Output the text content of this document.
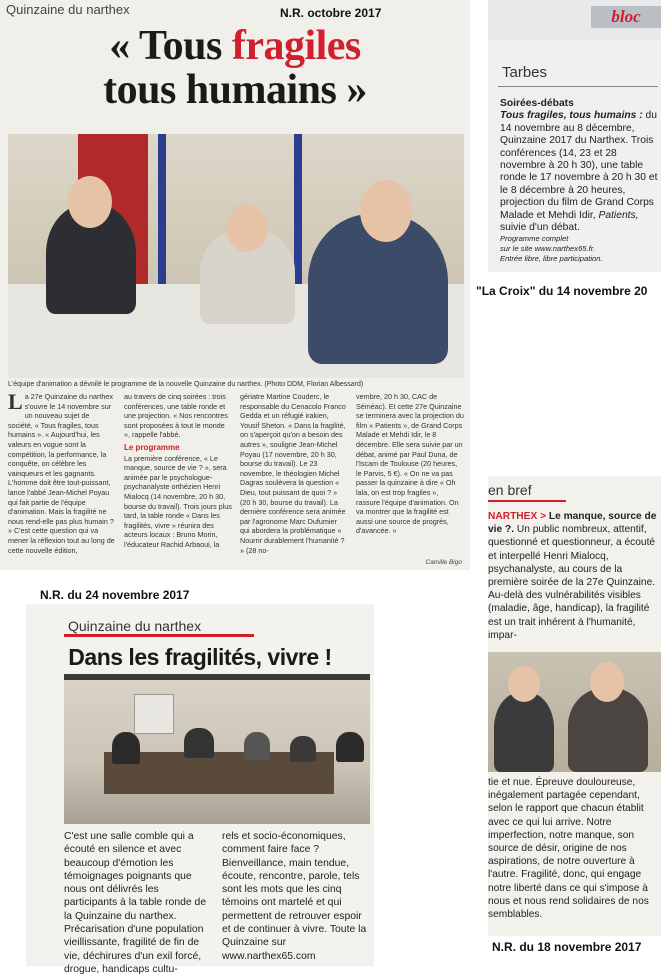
Quinzaine du narthex	N.R. octobre 2017
« Tous fragiles
tous humains »
L'équipe d'animation a dévoilé le programme de la nouvelle Quinzaine du narthex. (Photo DDM, Florian Albessard)
La 27e Quinzaine du narthex s'ouvre le 14 novembre sur un nouveau sujet de société, « Tous fragiles, tous humains ». « Aujourd'hui, les valeurs en vogue sont la compétition, la performance, la conquête, on célèbre les vainqueurs et les gagnants. L'homme doit être tout-puissant, lance l'abbé Jean-Michel Poyau qui fait partie de l'équipe d'animation. Mais la fragilité ne nous rend-elle pas plus humain ? » C'est cette question qui va mener la réflexion tout au long de cette nouvelle édition,
au travers de cinq soirées : trois conférences, une table ronde et une projection. « Nos rencontres sont proposées à tout le monde », rappelle l'abbé.
Le programme
La première conférence, « Le manque, source de vie ? », sera animée par le psychologue-psychanalyste orthézien Henri Mialocq (14 novembre, 20 h 30, bourse du travail). Trois jours plus tard, la table ronde « Dans les fragilités, vivre » réunira des acteurs locaux : Bruno Morin, l'éducateur Rachid Arbaoui, la
gériatre Martine Couderc, le responsable du Cenacolo Franco Gedda et un réfugié irakien, Yousif Sheton. « Dans la fragilité, on s'aperçoit qu'on a besoin des autres », souligne Jean-Michel Poyau (17 novembre, 20 h 30, bourse du travail). Le 23 novembre, le théologien Michel Dagras soulèvera la question « Dieu, tout puissant de quoi ? » (20 h 30, bourse du travail). La dernière conférence sera animée par l'agronome Marc Dufumier qui abordera la problématique « Nourrir durablement l'humanité ? » (28 no-
vembre, 20 h 30, CAC de Séméac). Et cette 27e Quinzaine se terminera avec la projection du film « Patients », de Grand Corps Malade et Mehdi Idir, le 8 décembre. Elle sera suivie par un débat, animé par Paul Duna, de l'Iscam de Toulouse (20 heures, le Parvis, 5 €). « On ne va pas passer la quinzaine à dire « Oh lala, on est trop fragiles », rassure l'équipe d'animation. On va montrer que la fragilité est aussi une source de progrès, d'avancée. »
Camille Bigo
bloc
Tarbes
Soirées-débats
Tous fragiles, tous humains : du 14 novembre au 8 décembre, Quinzaine 2017 du Narthex. Trois conférences (14, 23 et 28 novembre à 20 h 30), une table ronde le 17 novembre à 20 h 30 et le 8 décembre à 20 heures, projection du film de Grand Corps Malade et Mehdi Idir, Patients, suivie d'un débat.
Programme complet
sur le site www.narthex65.fr.
Entrée libre, libre participation.
"La Croix" du 14 novembre 20
N.R. du 24 novembre 2017
Quinzaine du narthex
Dans les fragilités, vivre !
C'est une salle comble qui a écouté en silence et avec beaucoup d'émotion les témoignages poignants que nous ont délivrés les participants à la table ronde de la Quinzaine du narthex. Précarisation d'une population vieillissante, fragilité de fin de vie, déchirures d'un exil forcé, drogue, handicaps cultu-
rels et socio-économiques, comment faire face ? Bienveillance, main tendue, écoute, rencontre, parole, tels sont les mots que les cinq témoins ont martelé et qui permettent de retrouver espoir et de continuer à vivre. Toute la Quinzaine sur www.narthex65.com
en bref
NARTHEX > Le manque, source de vie ?. Un public nombreux, attentif, questionné et questionneur, a écouté et interpellé Henri Mialocq, psychanalyste, au cours de la première soirée de la 27e Quinzaine. Au-delà des vulnérabilités visibles (maladie, âge, handicap), la fragilité est un trait inhérent à l'humanité, impar-
tie et nue. Épreuve douloureuse, inégalement partagée cependant, selon le rapport que chacun établit avec ce qui lui arrive. Notre imperfection, notre manque, son source de désir, origine de nos aspirations, de notre ouverture à l'autre. Fragilité, donc, qui engage notre liberté dans ce qui s'impose à nous et nous rend solidaires de nos semblables.
N.R. du 18 novembre 2017
